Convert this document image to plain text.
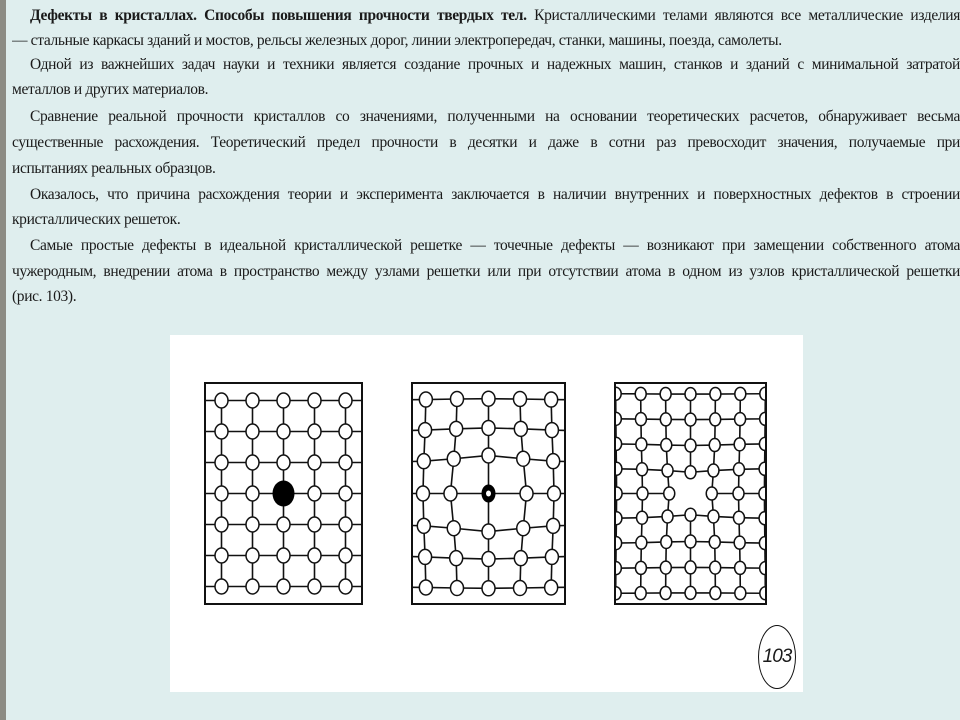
Дефекты в кристаллах. Способы повышения прочности твердых тел. Кристаллическими телами являются все металлические изделия
— стальные каркасы зданий и мостов, рельсы железных дорог, линии электропередач, станки, машины, поезда, самолеты.
Одной из важнейших задач науки и техники является создание прочных и надежных машин, станков и зданий с минимальной затратой
металлов и других материалов.
Сравнение реальной прочности кристаллов со значениями, полученными на основании теоретических расчетов, обнаруживает весьма
существенные расхождения. Теоретический предел прочности в десятки и даже в сотни раз превосходит значения, получаемые при
испытаниях реальных образцов.
Оказалось, что причина расхождения теории и эксперимента заключается в наличии внутренних и поверхностных дефектов в строении
кристаллических решеток.
Самые простые дефекты в идеальной кристаллической решетке — точечные дефекты — возникают при замещении собственного атома
чужеродным, внедрении атома в пространство между узлами решетки или при отсутствии атома в одном из узлов кристаллической решетки
(рис. 103).
103
